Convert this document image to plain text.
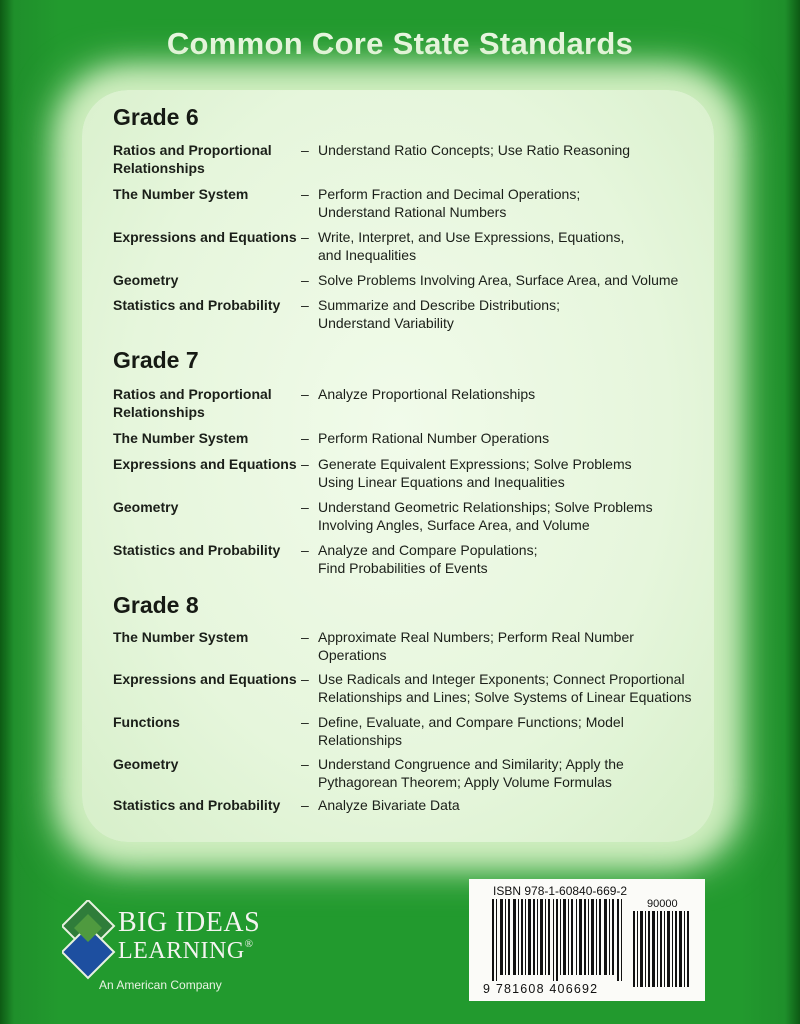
Common Core State Standards
Grade 6
Ratios and Proportional Relationships
– Understand Ratio Concepts; Use Ratio Reasoning
The Number System	– Perform Fraction and Decimal Operations; Understand Rational Numbers
Expressions and Equations – Write, Interpret, and Use Expressions, Equations, and Inequalities
Geometry	– Solve Problems Involving Area, Surface Area, and Volume
Statistics and Probability	– Summarize and Describe Distributions; Understand Variability
Grade 7
Ratios and Proportional Relationships
– Analyze Proportional Relationships
The Number System	– Perform Rational Number Operations
Expressions and Equations – Generate Equivalent Expressions; Solve Problems Using Linear Equations and Inequalities
Geometry	– Understand Geometric Relationships; Solve Problems Involving Angles, Surface Area, and Volume
Statistics and Probability	– Analyze and Compare Populations; Find Probabilities of Events
Grade 8
The Number System	– Approximate Real Numbers; Perform Real Number Operations
Expressions and Equations – Use Radicals and Integer Exponents; Connect Proportional Relationships and Lines; Solve Systems of Linear Equations
Functions	– Define, Evaluate, and Compare Functions; Model Relationships
Geometry	– Understand Congruence and Similarity; Apply the Pythagorean Theorem; Apply Volume Formulas
Statistics and Probability	– Analyze Bivariate Data
BIG IDEAS
LEARNING®
An American Company
ISBN 978-1-60840-669-2
90000
9 781608 406692
